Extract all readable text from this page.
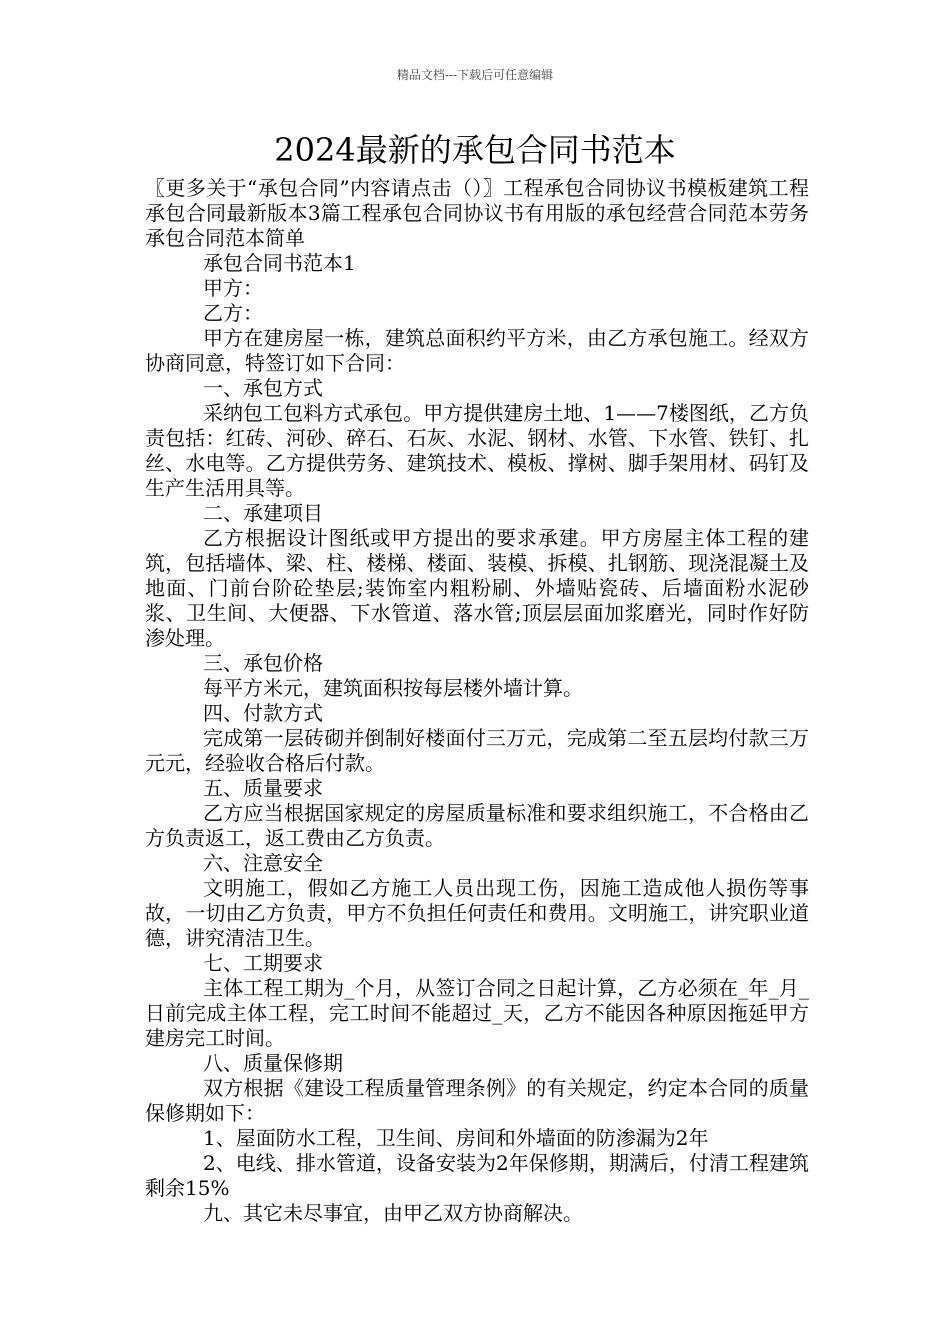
精品文档---下载后可任意编辑
2024最新的承包合同书范本

〖更多关于“承包合同”内容请点击（）〗工程承包合同协议书模板建筑工程承包合同最新版本3篇工程承包合同协议书有用版的承包经营合同范本劳务承包合同范本简单

承包合同书范本1

甲方：

乙方：

甲方在建房屋一栋，建筑总面积约平方米，由乙方承包施工。经双方协商同意，特签订如下合同：

一、承包方式

采纳包工包料方式承包。甲方提供建房土地、1——7楼图纸，乙方负责包括：红砖、河砂、碎石、石灰、水泥、钢材、水管、下水管、铁钉、扎丝、水电等。乙方提供劳务、建筑技术、模板、撑树、脚手架用材、码钉及生产生活用具等。

二、承建项目

乙方根据设计图纸或甲方提出的要求承建。甲方房屋主体工程的建筑，包括墙体、梁、柱、楼梯、楼面、装模、拆模、扎钢筋、现浇混凝土及地面、门前台阶砼垫层;装饰室内粗粉刷、外墙贴瓷砖、后墙面粉水泥砂浆、卫生间、大便器、下水管道、落水管;顶层层面加浆磨光，同时作好防渗处理。

三、承包价格

每平方米元，建筑面积按每层楼外墙计算。

四、付款方式

完成第一层砖砌并倒制好楼面付三万元，完成第二至五层均付款三万元元，经验收合格后付款。

五、质量要求

乙方应当根据国家规定的房屋质量标准和要求组织施工，不合格由乙方负责返工，返工费由乙方负责。

六、注意安全

文明施工，假如乙方施工人员出现工伤，因施工造成他人损伤等事故，一切由乙方负责，甲方不负担任何责任和费用。文明施工，讲究职业道德，讲究清洁卫生。

七、工期要求

主体工程工期为_个月，从签订合同之日起计算，乙方必须在_年_月_日前完成主体工程，完工时间不能超过_天，乙方不能因各种原因拖延甲方建房完工时间。

八、质量保修期

双方根据《建设工程质量管理条例》的有关规定，约定本合同的质量保修期如下：

1、屋面防水工程，卫生间、房间和外墙面的防渗漏为2年

2、电线、排水管道，设备安装为2年保修期，期满后，付清工程建筑剩余15%

九、其它未尽事宜，由甲乙双方协商解决。
